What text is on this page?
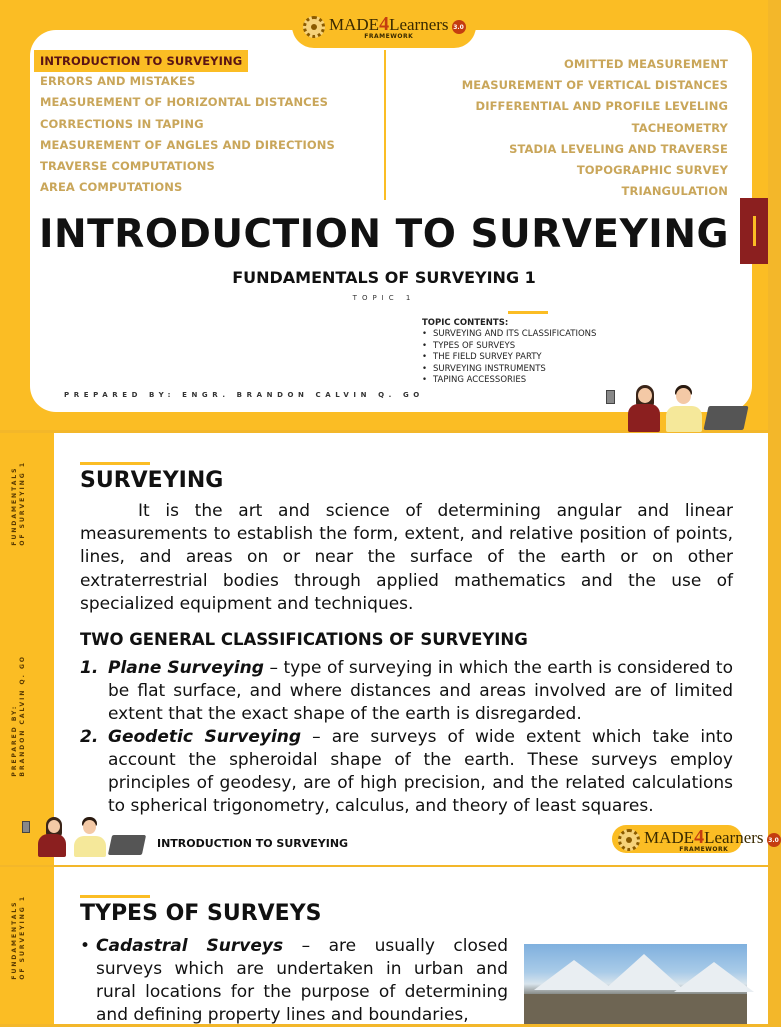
MADE4Learners
FRAMEWORK
3.0
INTRODUCTION TO SURVEYING
ERRORS AND MISTAKES
MEASUREMENT OF HORIZONTAL DISTANCES
CORRECTIONS IN TAPING
MEASUREMENT OF ANGLES AND DIRECTIONS
TRAVERSE COMPUTATIONS
AREA COMPUTATIONS
OMITTED MEASUREMENT
MEASUREMENT OF VERTICAL DISTANCES
DIFFERENTIAL AND PROFILE LEVELING
TACHEOMETRY
STADIA LEVELING AND TRAVERSE
TOPOGRAPHIC SURVEY
TRIANGULATION
INTRODUCTION TO SURVEYING
FUNDAMENTALS OF SURVEYING 1
TOPIC 1
TOPIC CONTENTS:
• SURVEYING AND ITS CLASSIFICATIONS
• TYPES OF SURVEYS
• THE FIELD SURVEY PARTY
• SURVEYING INSTRUMENTS
• TAPING ACCESSORIES
PREPARED BY: ENGR. BRANDON CALVIN Q. GO
FUNDAMENTALS
OF SURVEYING 1
PREPARED BY:
BRANDON CALVIN Q. GO
SURVEYING
It is the art and science of determining angular and linear measurements to establish the form, extent, and relative position of points, lines, and areas on or near the surface of the earth or on other extraterrestrial bodies through applied mathematics and the use of specialized equipment and techniques.
TWO GENERAL CLASSIFICATIONS OF SURVEYING
1. Plane Surveying – type of surveying in which the earth is considered to be flat surface, and where distances and areas involved are of limited extent that the exact shape of the earth is disregarded.
2. Geodetic Surveying – are surveys of wide extent which take into account the spheroidal shape of the earth. These surveys employ principles of geodesy, are of high precision, and the related calculations to spherical trigonometry, calculus, and theory of least squares.
INTRODUCTION TO SURVEYING	MADE4Learners
FRAMEWORK
3.0
FUNDAMENTALS
OF SURVEYING 1 TYPES OF SURVEYS
• Cadastral Surveys – are usually closed surveys which are undertaken in urban and rural locations for the purpose of determining and defining property lines and boundaries,
